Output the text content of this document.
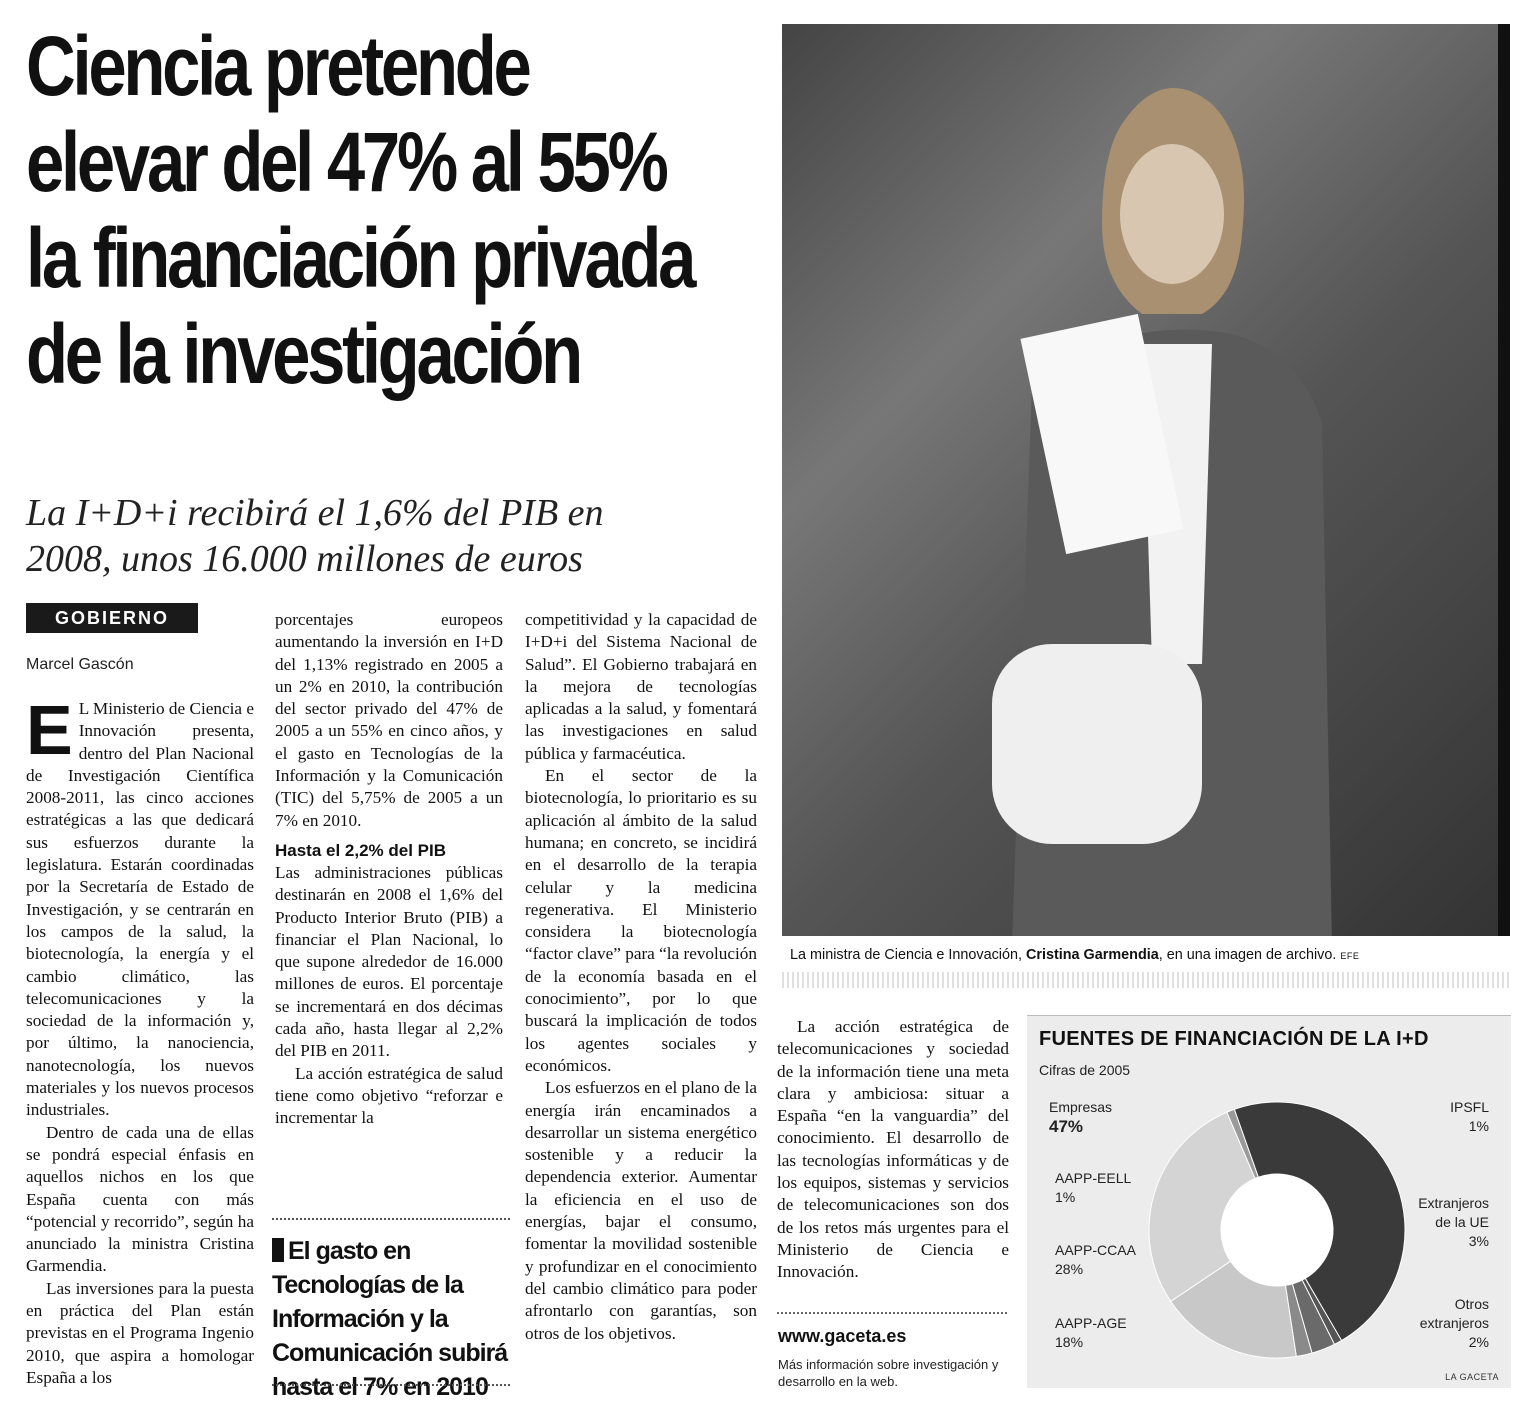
Ciencia pretende
elevar del 47% al 55%
la financiación privada
de la investigación
La I+D+i recibirá el 1,6% del PIB en
2008, unos 16.000 millones de euros
GOBIERNO
Marcel Gascón

E L Ministerio de Ciencia e Innovación presenta, dentro del Plan Nacional de Investigación Científica 2008-2011, las cinco acciones estratégicas a las que dedicará sus esfuerzos durante la legislatura. Estarán coordinadas por la Secretaría de Estado de Investigación, y se centrarán en los campos de la salud, la biotecnología, la energía y el cambio climático, las telecomunicaciones y la sociedad de la información y, por último, la nanociencia, nanotecnología, los nuevos materiales y los nuevos procesos industriales.

Dentro de cada una de ellas se pondrá especial énfasis en aquellos nichos en los que España cuenta con más “potencial y recorrido”, según ha anunciado la ministra Cristina Garmendia.

Las inversiones para la puesta en práctica del Plan están previstas en el Programa Ingenio 2010, que aspira a homologar España a los

porcentajes europeos aumentando la inversión en I+D del 1,13% registrado en 2005 a un 2% en 2010, la contribución del sector privado del 47% de 2005 a un 55% en cinco años, y el gasto en Tecnologías de la Información y la Comunicación (TIC) del 5,75% de 2005 a un 7% en 2010.

Hasta el 2,2% del PIB

Las administraciones públicas destinarán en 2008 el 1,6% del Producto Interior Bruto (PIB) a financiar el Plan Nacional, lo que supone alrededor de 16.000 millones de euros. El porcentaje se incrementará en dos décimas cada año, hasta llegar al 2,2% del PIB en 2011.

La acción estratégica de salud tiene como objetivo “reforzar e incrementar la

El gasto en Tecnologías de la Información y la Comunicación subirá hasta el 7% en 2010

competitividad y la capacidad de I+D+i del Sistema Nacional de Salud”. El Gobierno trabajará en la mejora de tecnologías aplicadas a la salud, y fomentará las investigaciones en salud pública y farmacéutica.

En el sector de la biotecnología, lo prioritario es su aplicación al ámbito de la salud humana; en concreto, se incidirá en el desarrollo de la terapia celular y la medicina regenerativa. El Ministerio considera la biotecnología “factor clave” para “la revolución de la economía basada en el conocimiento”, por lo que buscará la implicación de todos los agentes sociales y económicos.

Los esfuerzos en el plano de la energía irán encaminados a desarrollar un sistema energético sostenible y a reducir la dependencia exterior. Aumentar la eficiencia en el uso de energías, bajar el consumo, fomentar la movilidad sostenible y profundizar en el conocimiento del cambio climático para poder afrontarlo con garantías, son otros de los objetivos.

La ministra de Ciencia e Innovación, Cristina Garmendia, en una imagen de archivo. EFE

La acción estratégica de telecomunicaciones y sociedad de la información tiene una meta clara y ambiciosa: situar a España “en la vanguardia” del conocimiento. El desarrollo de las tecnologías informáticas y de los equipos, sistemas y servicios de telecomunicaciones son dos de los retos más urgentes para el Ministerio de Ciencia e Innovación.

www.gaceta.es
Más información sobre investigación y desarrollo en la web.
FUENTES DE FINANCIACIÓN DE LA I+D
Cifras de 2005
Empresas
47%
IPSFL
1%
AAPP-EELL
1%	Extranjeros
de la UE
3%
AAPP-CCAA
28%
Otros
extranjeros
2%
AAPP-AGE
18%
LA GACETA
